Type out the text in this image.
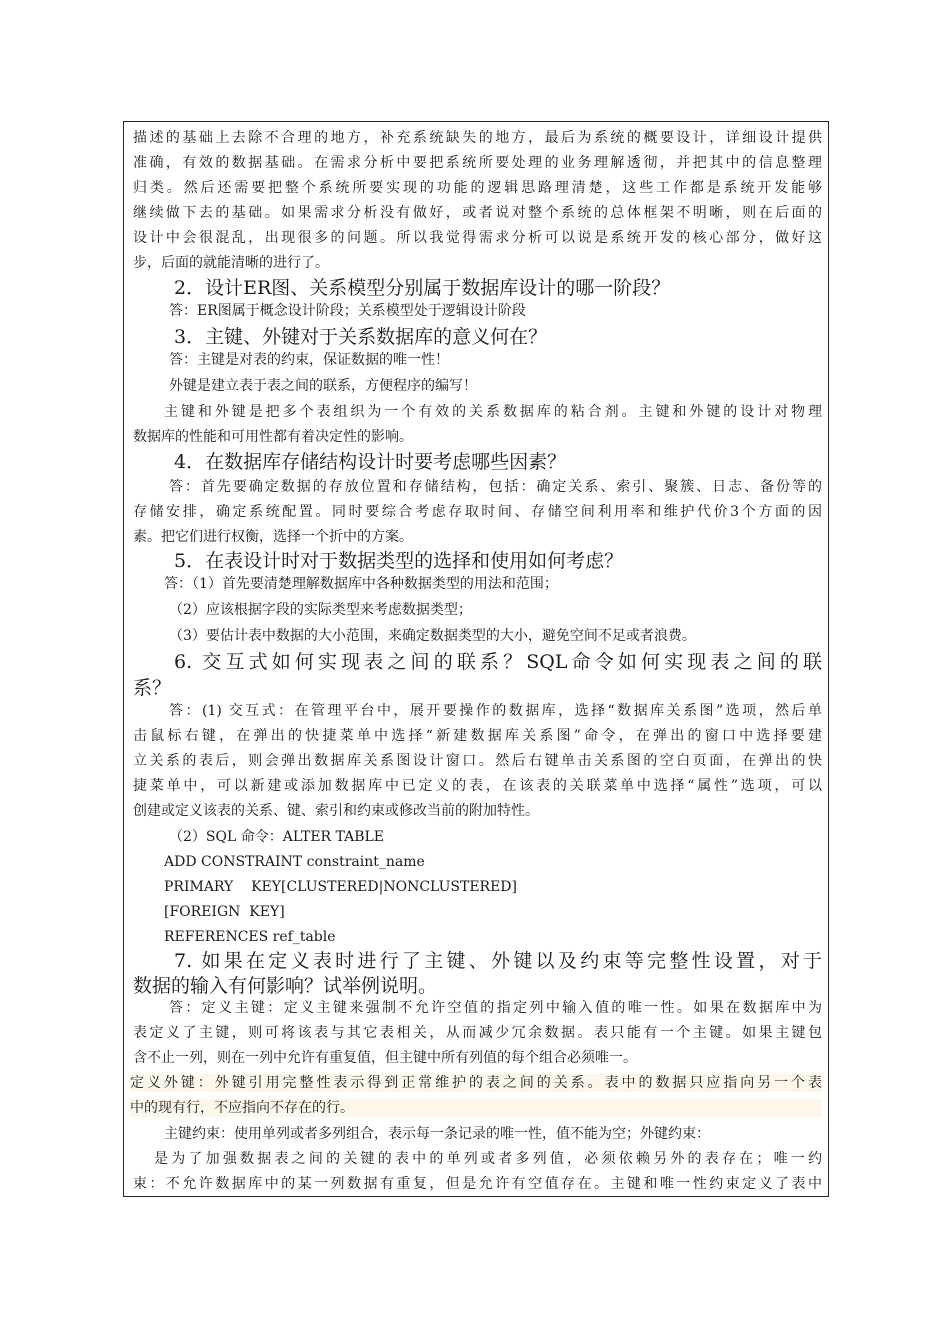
描述的基础上去除不合理的地方，补充系统缺失的地方，最后为系统的概要设计，详细设计提供
准确，有效的数据基础。在需求分析中要把系统所要处理的业务理解透彻，并把其中的信息整理
归类。然后还需要把整个系统所要实现的功能的逻辑思路理清楚，这些工作都是系统开发能够
继续做下去的基础。如果需求分析没有做好，或者说对整个系统的总体框架不明晰，则在后面的
设计中会很混乱，出现很多的问题。所以我觉得需求分析可以说是系统开发的核心部分，做好这
步，后面的就能清晰的进行了。
2．设计ER图、关系模型分别属于数据库设计的哪一阶段？
答：ER图属于概念设计阶段；关系模型处于逻辑设计阶段
3．主键、外键对于关系数据库的意义何在？
答：主键是对表的约束，保证数据的唯一性！
外键是建立表于表之间的联系，方便程序的编写！
主键和外键是把多个表组织为一个有效的关系数据库的粘合剂。主键和外键的设计对物理
数据库的性能和可用性都有着决定性的影响。
4．在数据库存储结构设计时要考虑哪些因素？
答：首先要确定数据的存放位置和存储结构，包括：确定关系、索引、聚簇、日志、备份等的
存储安排，确定系统配置。同时要综合考虑存取时间、存储空间利用率和维护代价3个方面的因
素。把它们进行权衡，选择一个折中的方案。
5．在表设计时对于数据类型的选择和使用如何考虑？
答：（1）首先要清楚理解数据库中各种数据类型的用法和范围；
（2）应该根据字段的实际类型来考虑数据类型；
（3）要估计表中数据的大小范围，来确定数据类型的大小，避免空间不足或者浪费。
6. 交互式如何实现表之间的联系？SQL命令如何实现表之间的联
系？
答：(1) 交互式：在管理平台中，展开要操作的数据库，选择“数据库关系图”选项，然后单
击鼠标右键，在弹出的快捷菜单中选择“新建数据库关系图”命令，在弹出的窗口中选择要建
立关系的表后，则会弹出数据库关系图设计窗口。然后右键单击关系图的空白页面，在弹出的快
捷菜单中，可以新建或添加数据库中已定义的表，在该表的关联菜单中选择“属性”选项，可以
创建或定义该表的关系、键、索引和约束或修改当前的附加特性。
（2）SQL 命令：ALTER TABLE
ADD CONSTRAINT constraint_name
PRIMARY    KEY[CLUSTERED|NONCLUSTERED]
[FOREIGN  KEY]
REFERENCES ref_table
7. 如果在定义表时进行了主键、外键以及约束等完整性设置，对于
数据的输入有何影响？试举例说明。
答：定义主键：定义主键来强制不允许空值的指定列中输入值的唯一性。如果在数据库中为
表定义了主键，则可将该表与其它表相关，从而减少冗余数据。表只能有一个主键。如果主键包
含不止一列，则在一列中允许有重复值，但主键中所有列值的每个组合必须唯一。
定义外键：外键引用完整性表示得到正常维护的表之间的关系。表中的数据只应指向另一个表
中的现有行，不应指向不存在的行。
主键约束：使用单列或者多列组合，表示每一条记录的唯一性，值不能为空；外键约束：
是为了加强数据表之间的关键的表中的单列或者多列值，必须依赖另外的表存在；唯一约
束：不允许数据库中的某一列数据有重复，但是允许有空值存在。主键和唯一性约束定义了表中
